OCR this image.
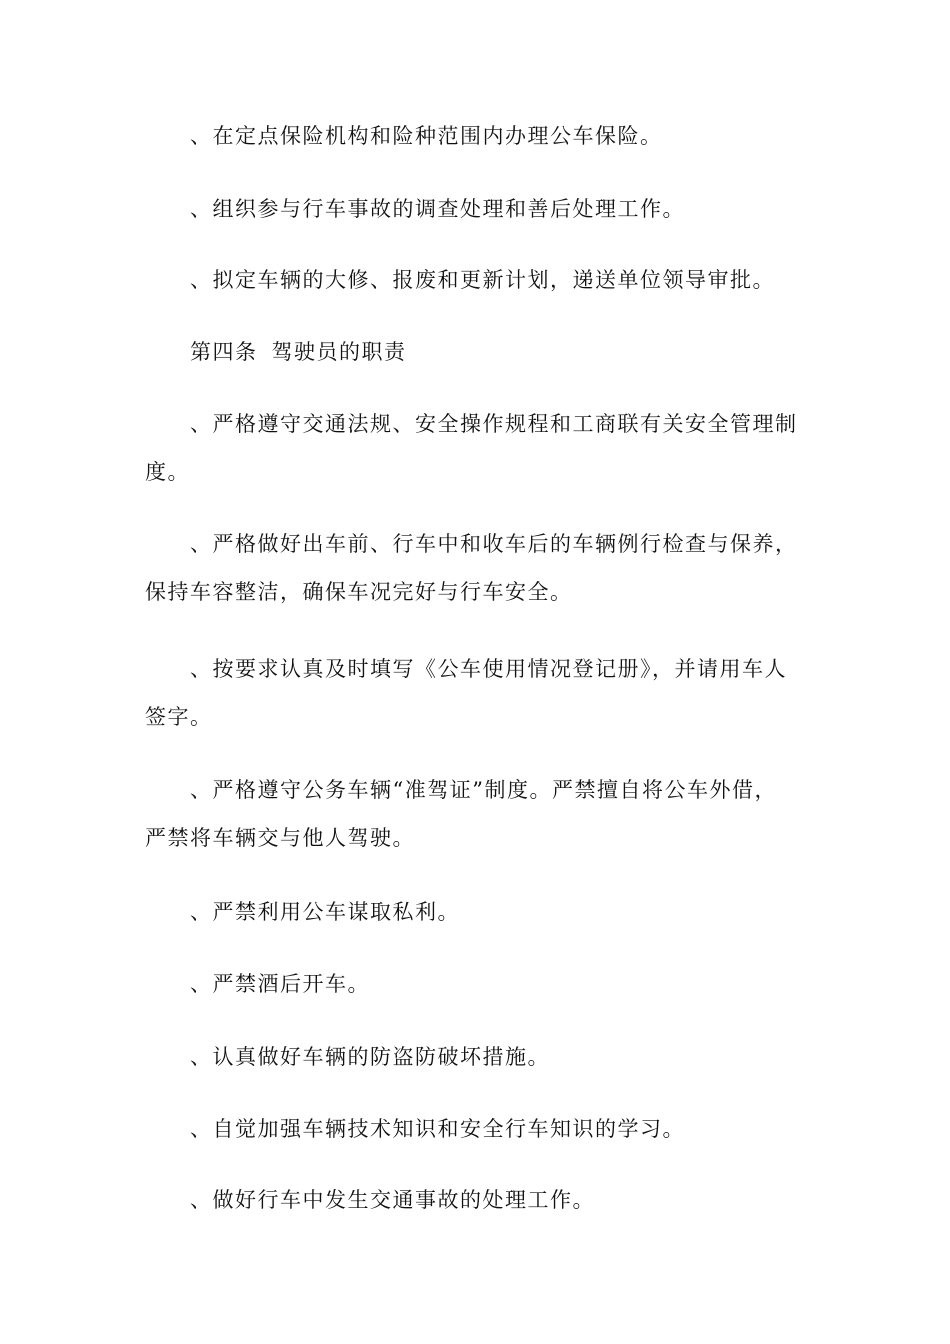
、在定点保险机构和险种范围内办理公车保险。
、组织参与行车事故的调查处理和善后处理工作。
、拟定车辆的大修、报废和更新计划，递送单位领导审批。
第四条 驾驶员的职责
、严格遵守交通法规、安全操作规程和工商联有关安全管理制
度。
、严格做好出车前、行车中和收车后的车辆例行检查与保养，
保持车容整洁，确保车况完好与行车安全。
、按要求认真及时填写《公车使用情况登记册》，并请用车人
签字。
、严格遵守公务车辆“准驾证”制度。严禁擅自将公车外借，
严禁将车辆交与他人驾驶。
、严禁利用公车谋取私利。
、严禁酒后开车。
、认真做好车辆的防盗防破坏措施。
、自觉加强车辆技术知识和安全行车知识的学习。
、做好行车中发生交通事故的处理工作。
